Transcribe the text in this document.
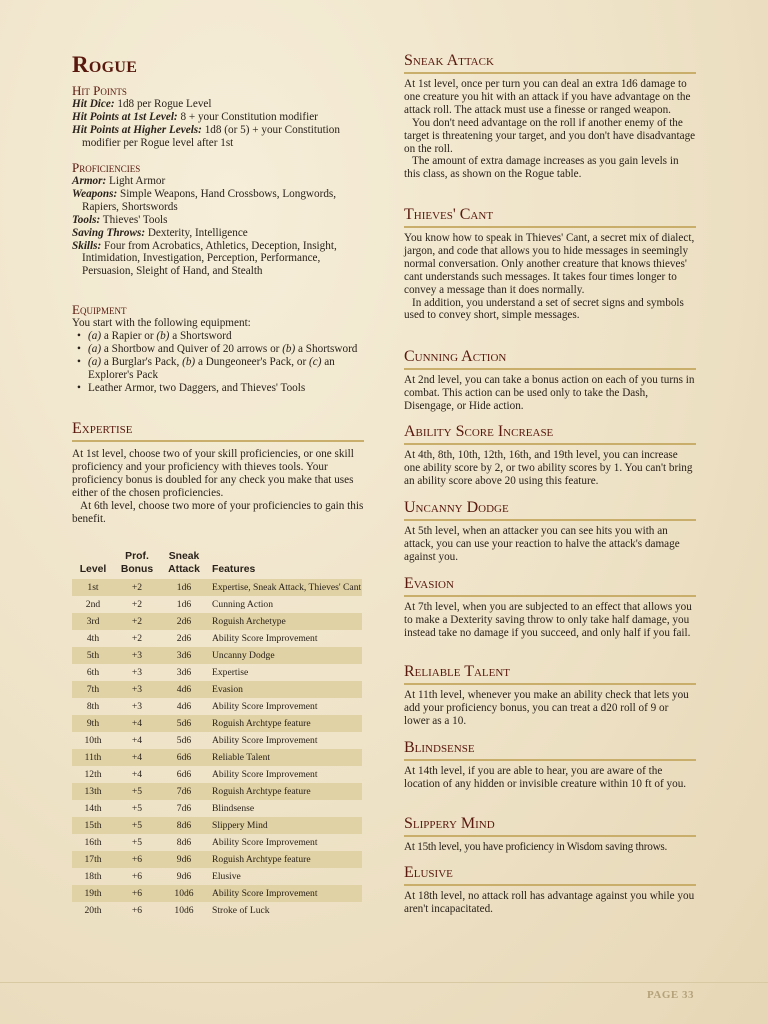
Rogue
Hit Points
Hit Dice: 1d8 per Rogue Level
Hit Points at 1st Level: 8 + your Constitution modifier
Hit Points at Higher Levels: 1d8 (or 5) + your Constitution modifier per Rogue level after 1st
Proficiencies
Armor: Light Armor
Weapons: Simple Weapons, Hand Crossbows, Longwords, Rapiers, Shortswords
Tools: Thieves' Tools
Saving Throws: Dexterity, Intelligence
Skills: Four from Acrobatics, Athletics, Deception, Insight, Intimidation, Investigation, Perception, Performance, Persuasion, Sleight of Hand, and Stealth
Equipment
You start with the following equipment:
• (a) a Rapier or (b) a Shortsword
• (a) a Shortbow and Quiver of 20 arrows or (b) a Shortsword
• (a) a Burglar's Pack, (b) a Dungeoneer's Pack, or (c) an Explorer's Pack
• Leather Armor, two Daggers, and Thieves' Tools
Expertise
At 1st level, choose two of your skill proficiencies, or one skill proficiency and your proficiency with thieves tools. Your proficiency bonus is doubled for any check you make that uses either of the chosen proficiencies.
At 6th level, choose two more of your proficiencies to gain this benefit.
Level	Prof. Bonus	Sneak Attack	Features
1st	+2	1d6	Expertise, Sneak Attack, Thieves' Cant
2nd	+2	1d6	Cunning Action
3rd	+2	2d6	Roguish Archetype
4th	+2	2d6	Ability Score Improvement
5th	+3	3d6	Uncanny Dodge
6th	+3	3d6	Expertise
7th	+3	4d6	Evasion
8th	+3	4d6	Ability Score Improvement
9th	+4	5d6	Roguish Archtype feature
10th	+4	5d6	Ability Score Improvement
11th	+4	6d6	Reliable Talent
12th	+4	6d6	Ability Score Improvement
13th	+5	7d6	Roguish Archtype feature
14th	+5	7d6	Blindsense
15th	+5	8d6	Slippery Mind
16th	+5	8d6	Ability Score Improvement
17th	+6	9d6	Roguish Archtype feature
18th	+6	9d6	Elusive
19th	+6	10d6	Ability Score Improvement
20th	+6	10d6	Stroke of Luck
Sneak Attack
At 1st level, once per turn you can deal an extra 1d6 damage to one creature you hit with an attack if you have advantage on the attack roll. The attack must use a finesse or ranged weapon.
You don't need advantage on the roll if another enemy of the target is threatening your target, and you don't have disadvantage on the roll.
The amount of extra damage increases as you gain levels in this class, as shown on the Rogue table.
Thieves' Cant
You know how to speak in Thieves' Cant, a secret mix of dialect, jargon, and code that allows you to hide messages in seemingly normal conversation. Only another creature that knows thieves' cant understands such messages. It takes four times longer to convey a message than it does normally.
In addition, you understand a set of secret signs and symbols used to convey short, simple messages.
Cunning Action
At 2nd level, you can take a bonus action on each of you turns in combat. This action can be used only to take the Dash, Disengage, or Hide action.
Ability Score Increase
At 4th, 8th, 10th, 12th, 16th, and 19th level, you can increase one ability score by 2, or two ability scores by 1. You can't bring an ability score above 20 using this feature.
Uncanny Dodge
At 5th level, when an attacker you can see hits you with an attack, you can use your reaction to halve the attack's damage against you.
Evasion
At 7th level, when you are subjected to an effect that allows you to make a Dexterity saving throw to only take half damage, you instead take no damage if you succeed, and only half if you fail.
Reliable Talent
At 11th level, whenever you make an ability check that lets you add your proficiency bonus, you can treat a d20 roll of 9 or lower as a 10.
Blindsense
At 14th level, if you are able to hear, you are aware of the location of any hidden or invisible creature within 10 ft of you.
Slippery Mind
At 15th level, you have proficiency in Wisdom saving throws.
Elusive
At 18th level, no attack roll has advantage against you while you aren't incapacitated.
PAGE 33
